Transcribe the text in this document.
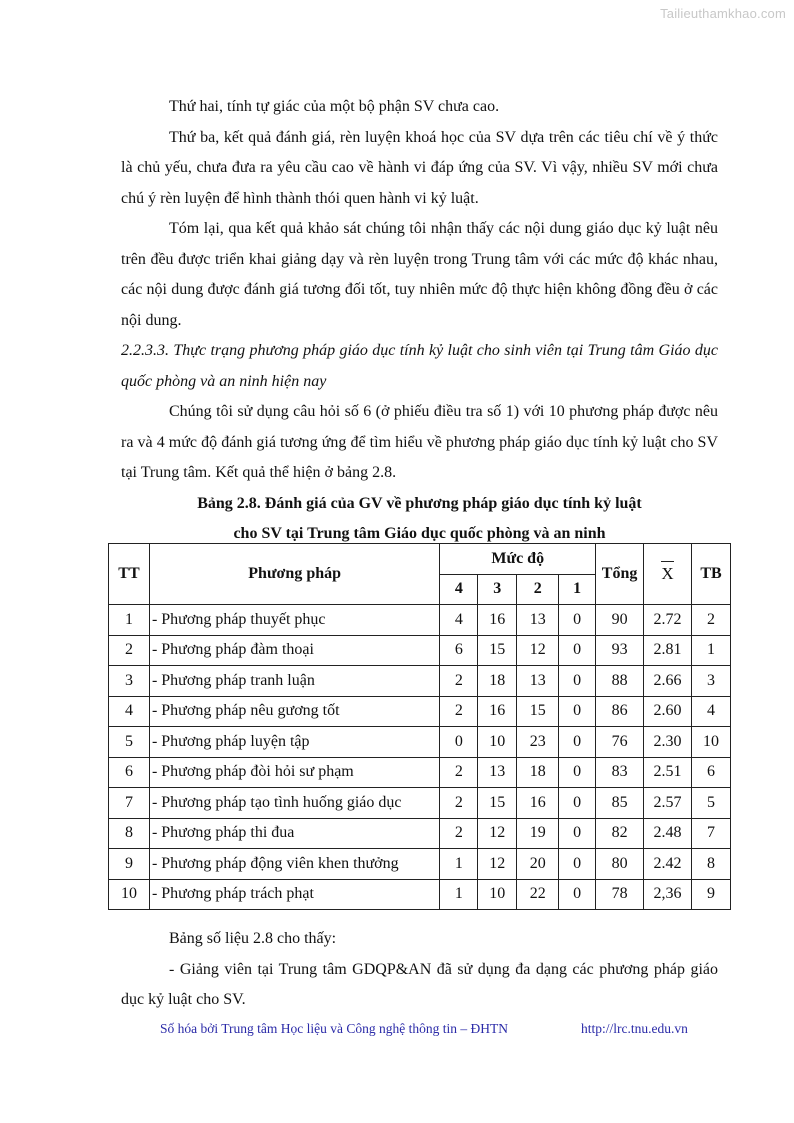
Tailieuthamkhao.com

Thứ hai, tính tự giác của một bộ phận SV chưa cao.

Thứ ba, kết quả đánh giá, rèn luyện khoá học của SV dựa trên các tiêu chí về ý thức là chủ yếu, chưa đưa ra yêu cầu cao về hành vi đáp ứng của SV. Vì vậy, nhiều SV mới chưa chú ý rèn luyện để hình thành thói quen hành vi kỷ luật.

Tóm lại, qua kết quả khảo sát chúng tôi nhận thấy các nội dung giáo dục kỷ luật nêu trên đều được triển khai giảng dạy và rèn luyện trong Trung tâm với các mức độ khác nhau, các nội dung được đánh giá tương đối tốt, tuy nhiên mức độ thực hiện không đồng đều ở các nội dung.

2.2.3.3. Thực trạng phương pháp giáo dục tính kỷ luật cho sinh viên tại Trung tâm Giáo dục quốc phòng và an ninh hiện nay

Chúng tôi sử dụng câu hỏi số 6 (ở phiếu điều tra số 1) với 10 phương pháp được nêu ra và 4 mức độ đánh giá tương ứng để tìm hiểu về phương pháp giáo dục tính kỷ luật cho SV tại Trung tâm. Kết quả thể hiện ở bảng 2.8.

Bảng 2.8. Đánh giá của GV về phương pháp giáo dục tính kỷ luật

cho SV tại Trung tâm Giáo dục quốc phòng và an ninh

TT	Phương pháp	Mức độ				Tổng	X	TB
		4	3	2	1			
1	- Phương pháp thuyết phục	4	16	13	0	90	2.72	2
2	- Phương pháp đàm thoại	6	15	12	0	93	2.81	1
3	- Phương pháp tranh luận	2	18	13	0	88	2.66	3
4	- Phương pháp nêu gương tốt	2	16	15	0	86	2.60	4
5	- Phương pháp luyện tập	0	10	23	0	76	2.30	10
6	- Phương pháp đòi hỏi sư phạm	2	13	18	0	83	2.51	6
7	- Phương pháp tạo tình huống giáo dục	2	15	16	0	85	2.57	5
8	- Phương pháp thi đua	2	12	19	0	82	2.48	7
9	- Phương pháp động viên khen thưởng	1	12	20	0	80	2.42	8
10	- Phương pháp trách phạt	1	10	22	0	78	2,36	9

Bảng số liệu 2.8 cho thấy:

- Giảng viên tại Trung tâm GDQP&AN đã sử dụng đa dạng các phương pháp giáo dục kỷ luật cho SV.

Số hóa bởi Trung tâm Học liệu và Công nghệ thông tin – ĐHTN	http://lrc.tnu.edu.vn
